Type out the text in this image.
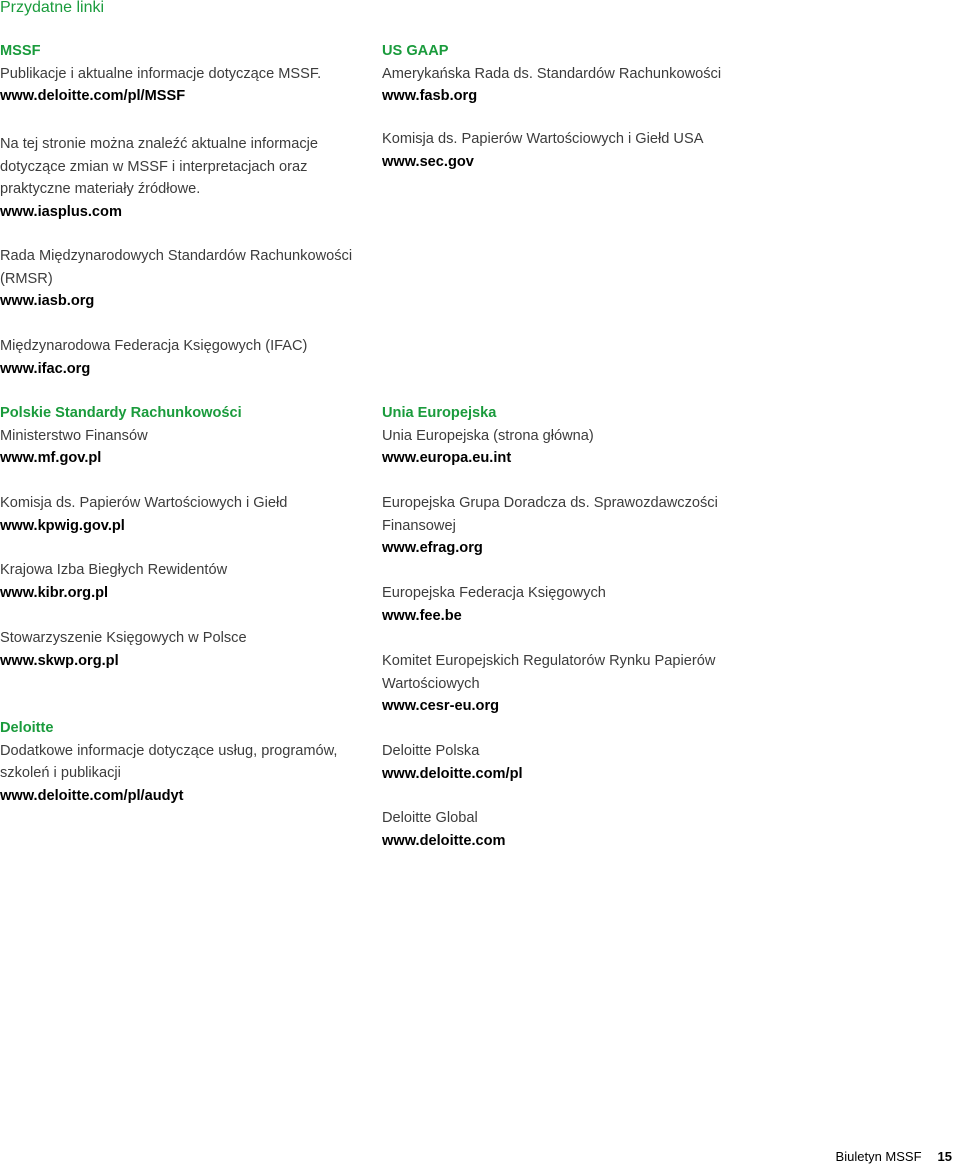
Przydatne linki
MSSF
Publikacje i aktualne informacje dotyczące MSSF.
www.deloitte.com/pl/MSSF
Na tej stronie można znaleźć aktualne informacje
dotyczące zmian w MSSF i interpretacjach oraz
praktyczne materiały źródłowe.
www.iasplus.com
Rada Międzynarodowych Standardów Rachunkowości
(RMSR)
www.iasb.org
Międzynarodowa Federacja Księgowych (IFAC)
www.ifac.org
Polskie Standardy Rachunkowości
Ministerstwo Finansów
www.mf.gov.pl
Komisja ds. Papierów Wartościowych i Giełd
www.kpwig.gov.pl
Krajowa Izba Biegłych Rewidentów
www.kibr.org.pl
Stowarzyszenie Księgowych w Polsce
www.skwp.org.pl
Deloitte
Dodatkowe informacje dotyczące usług, programów,
szkoleń i publikacji
www.deloitte.com/pl/audyt
US GAAP
Amerykańska Rada ds. Standardów Rachunkowości
www.fasb.org
Komisja ds. Papierów Wartościowych i Giełd USA
www.sec.gov
Unia Europejska
Unia Europejska (strona główna)
www.europa.eu.int
Europejska Grupa Doradcza ds. Sprawozdawczości
Finansowej
www.efrag.org
Europejska Federacja Księgowych
www.fee.be
Komitet Europejskich Regulatorów Rynku Papierów
Wartościowych
www.cesr-eu.org
Deloitte Polska
www.deloitte.com/pl
Deloitte Global
www.deloitte.com
Biuletyn MSSF 15
